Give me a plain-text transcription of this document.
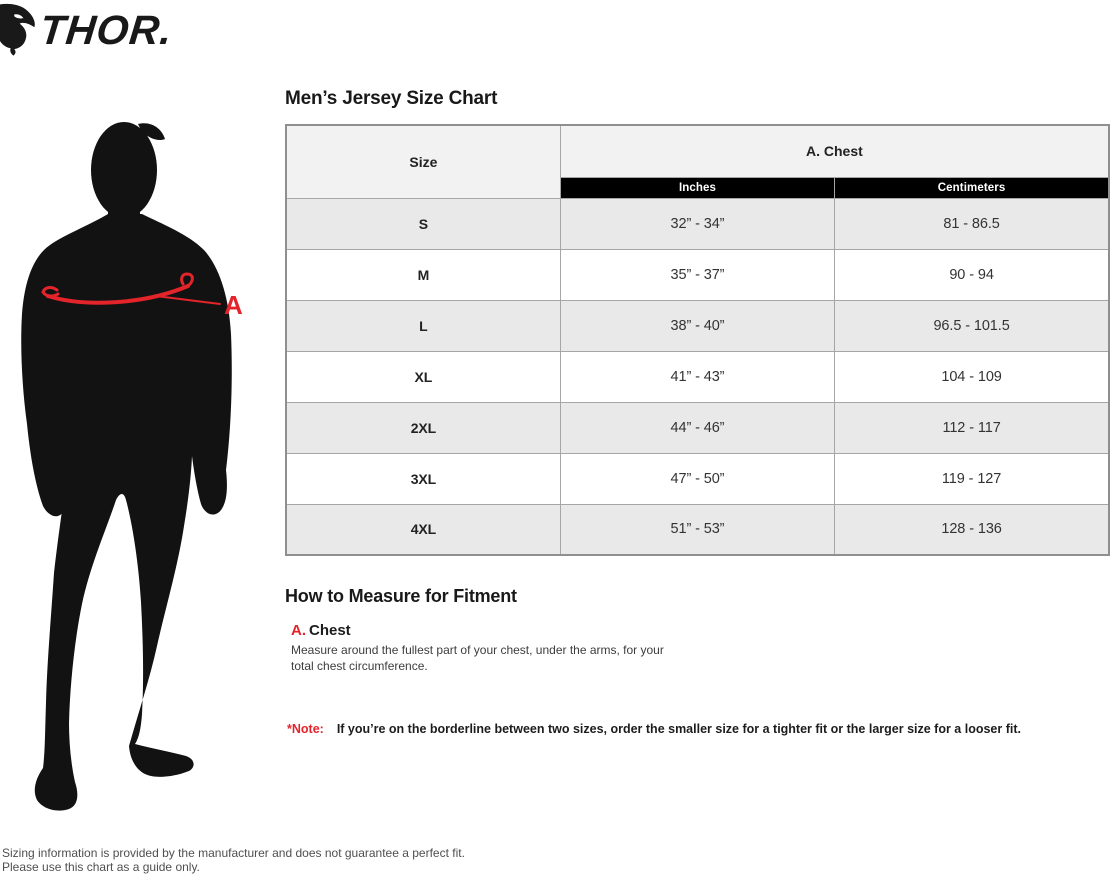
THOR.
A
Men’s Jersey Size Chart
Size	A. Chest	
	Inches	Centimeters
S	32” - 34”	81 - 86.5
M	35” - 37”	90 - 94
L	38” - 40”	96.5 - 101.5
XL	41” - 43”	104 - 109
2XL	44” - 46”	112 - 117
3XL	47” - 50”	119 - 127
4XL	51” - 53”	128 - 136
How to Measure for Fitment
A. Chest
Measure around the fullest part of your chest, under the arms, for your total chest circumference.
*Note: If you’re on the borderline between two sizes, order the smaller size for a tighter fit or the larger size for a looser fit.
Sizing information is provided by the manufacturer and does not guarantee a perfect fit.
Please use this chart as a guide only.
